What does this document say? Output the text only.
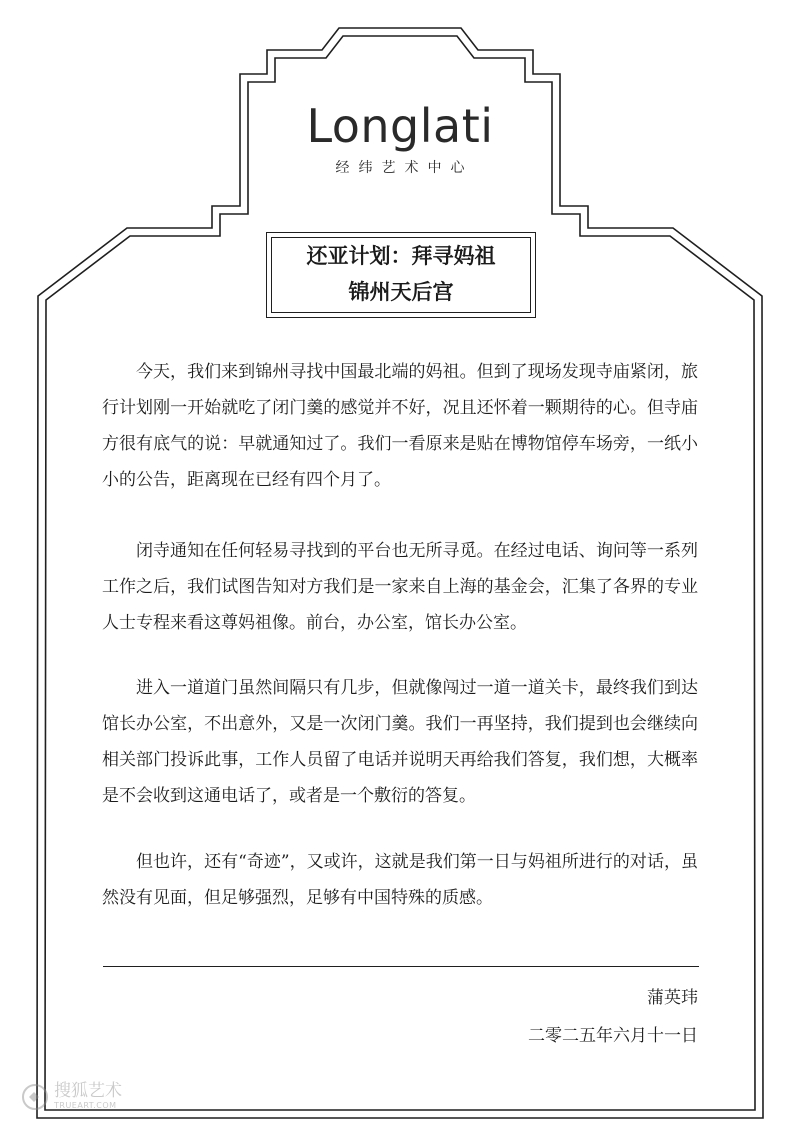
Longlati
经纬艺术中心
还亚计划：拜寻妈祖
锦州天后宫

今天，我们来到锦州寻找中国最北端的妈祖。但到了现场发现寺庙紧闭，旅行计划刚一开始就吃了闭门羹的感觉并不好，况且还怀着一颗期待的心。但寺庙方很有底气的说：早就通知过了。我们一看原来是贴在博物馆停车场旁，一纸小小的公告，距离现在已经有四个月了。

闭寺通知在任何轻易寻找到的平台也无所寻觅。在经过电话、询问等一系列工作之后，我们试图告知对方我们是一家来自上海的基金会，汇集了各界的专业人士专程来看这尊妈祖像。前台，办公室，馆长办公室。

进入一道道门虽然间隔只有几步，但就像闯过一道一道关卡，最终我们到达馆长办公室，不出意外，又是一次闭门羹。我们一再坚持，我们提到也会继续向相关部门投诉此事，工作人员留了电话并说明天再给我们答复，我们想，大概率是不会收到这通电话了，或者是一个敷衍的答复。

但也许，还有“奇迹”，又或许，这就是我们第一日与妈祖所进行的对话，虽然没有见面，但足够强烈，足够有中国特殊的质感。

蒲英玮
二零二五年六月十一日
搜狐艺术
TRUEART.COM
